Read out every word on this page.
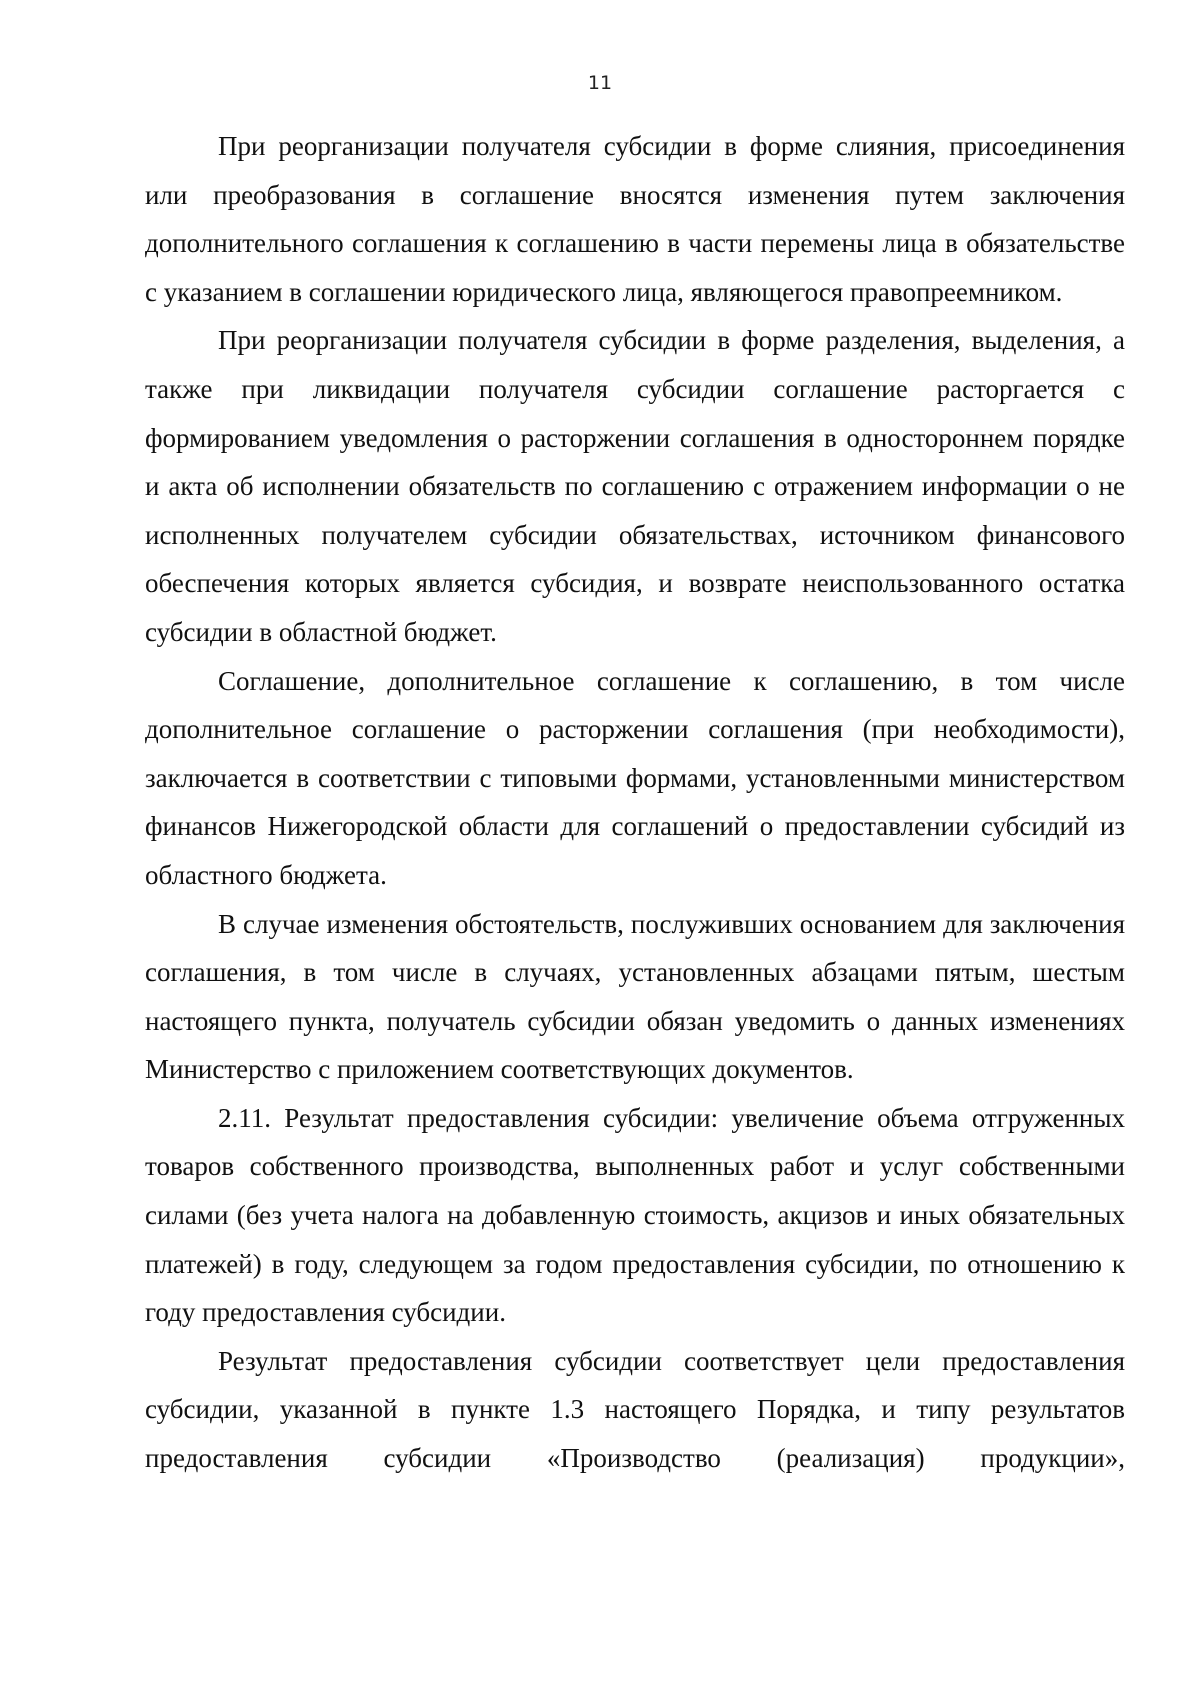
11

При реорганизации получателя субсидии в форме слияния, присоединения или преобразования в соглашение вносятся изменения путем заключения дополнительного соглашения к соглашению в части перемены лица в обязательстве с указанием в соглашении юридического лица, являющегося правопреемником.

При реорганизации получателя субсидии в форме разделения, выделения, а также при ликвидации получателя субсидии соглашение расторгается с формированием уведомления о расторжении соглашения в одностороннем порядке и акта об исполнении обязательств по соглашению с отражением информации о не исполненных получателем субсидии обязательствах, источником финансового обеспечения которых является субсидия, и возврате неиспользованного остатка субсидии в областной бюджет.

Соглашение, дополнительное соглашение к соглашению, в том числе дополнительное соглашение о расторжении соглашения (при необходимости), заключается в соответствии с типовыми формами, установленными министерством финансов Нижегородской области для соглашений о предоставлении субсидий из областного бюджета.

В случае изменения обстоятельств, послуживших основанием для заключения соглашения, в том числе в случаях, установленных абзацами пятым, шестым настоящего пункта, получатель субсидии обязан уведомить о данных изменениях Министерство с приложением соответствующих документов.

2.11. Результат предоставления субсидии: увеличение объема отгруженных товаров собственного производства, выполненных работ и услуг собственными силами (без учета налога на добавленную стоимость, акцизов и иных обязательных платежей) в году, следующем за годом предоставления субсидии, по отношению к году предоставления субсидии.

Результат предоставления субсидии соответствует цели предоставления субсидии, указанной в пункте 1.3 настоящего Порядка, и типу результатов предоставления субсидии «Производство (реализация) продукции»,
